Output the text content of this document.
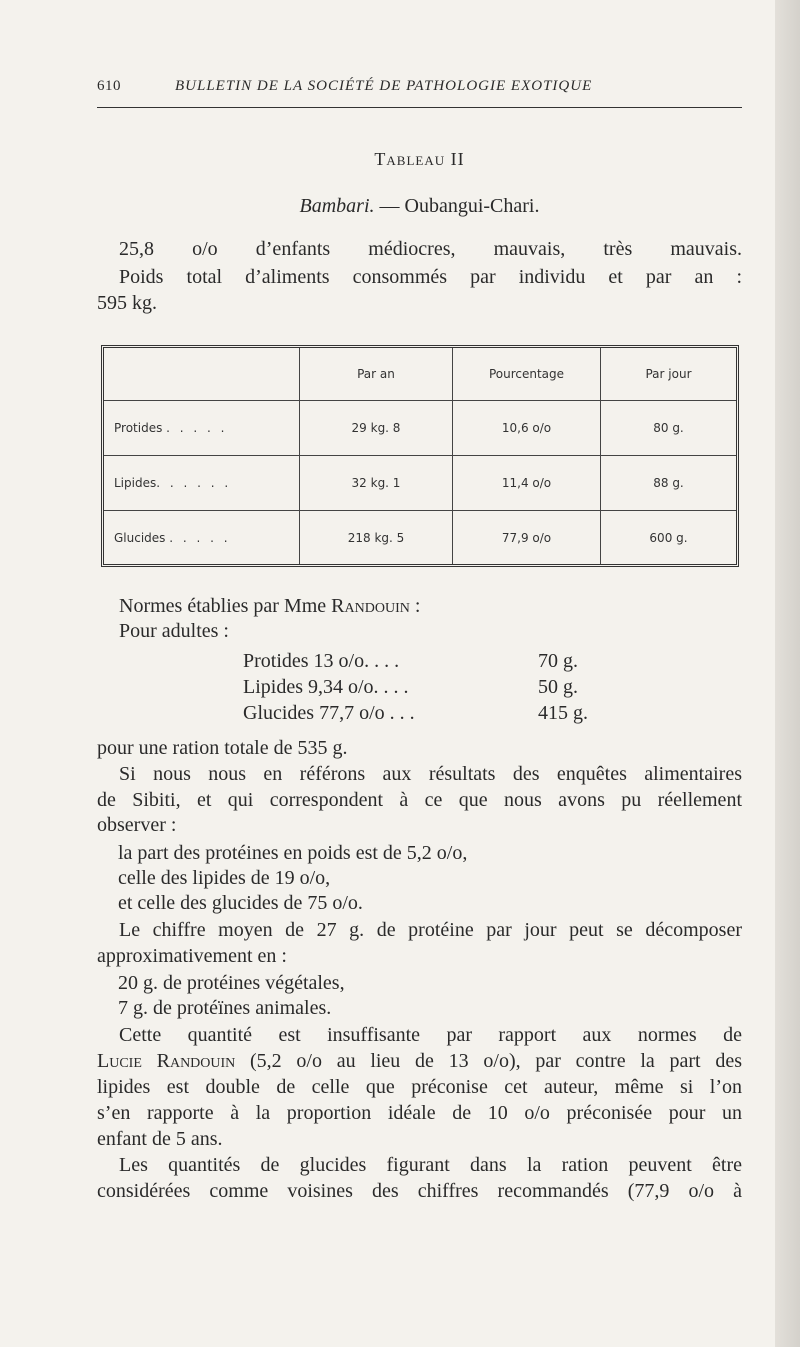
610	BULLETIN DE LA SOCIÉTÉ DE PATHOLOGIE EXOTIQUE
Tableau II
Bambari. — Oubangui-Chari.
25,8 o/o d’enfants médiocres, mauvais, très mauvais.
Poids total d’aliments consommés par individu et par an :
595 kg.
	Par an	Pourcentage	Par jour
Protides . . . . .	29 kg. 8	10,6 o/o	80 g.
Lipides. . . . . .	32 kg. 1	11,4 o/o	88 g.
Glucides . . . . .	218 kg. 5	77,9 o/o	600 g.
Normes établies par Mme Randouin :
Pour adultes :
Protides 13 o/o. . . .	70 g.
Lipides 9,34 o/o. . . .	50 g.
Glucides 77,7 o/o . . .	415 g.
pour une ration totale de 535 g.
Si nous nous en référons aux résultats des enquêtes alimentaires
de Sibiti, et qui correspondent à ce que nous avons pu réellement
observer :
la part des protéines en poids est de 5,2 o/o,
celle des lipides de 19 o/o,
et celle des glucides de 75 o/o.
Le chiffre moyen de 27 g. de protéine par jour peut se décomposer
approximativement en :
20 g. de protéines végétales,
7 g. de protéïnes animales.
Cette quantité est insuffisante par rapport aux normes de
Lucie Randouin (5,2 o/o au lieu de 13 o/o), par contre la part des
lipides est double de celle que préconise cet auteur, même si l’on
s’en rapporte à la proportion idéale de 10 o/o préconisée pour un
enfant de 5 ans.
Les quantités de glucides figurant dans la ration peuvent être
considérées comme voisines des chiffres recommandés (77,9 o/o à
